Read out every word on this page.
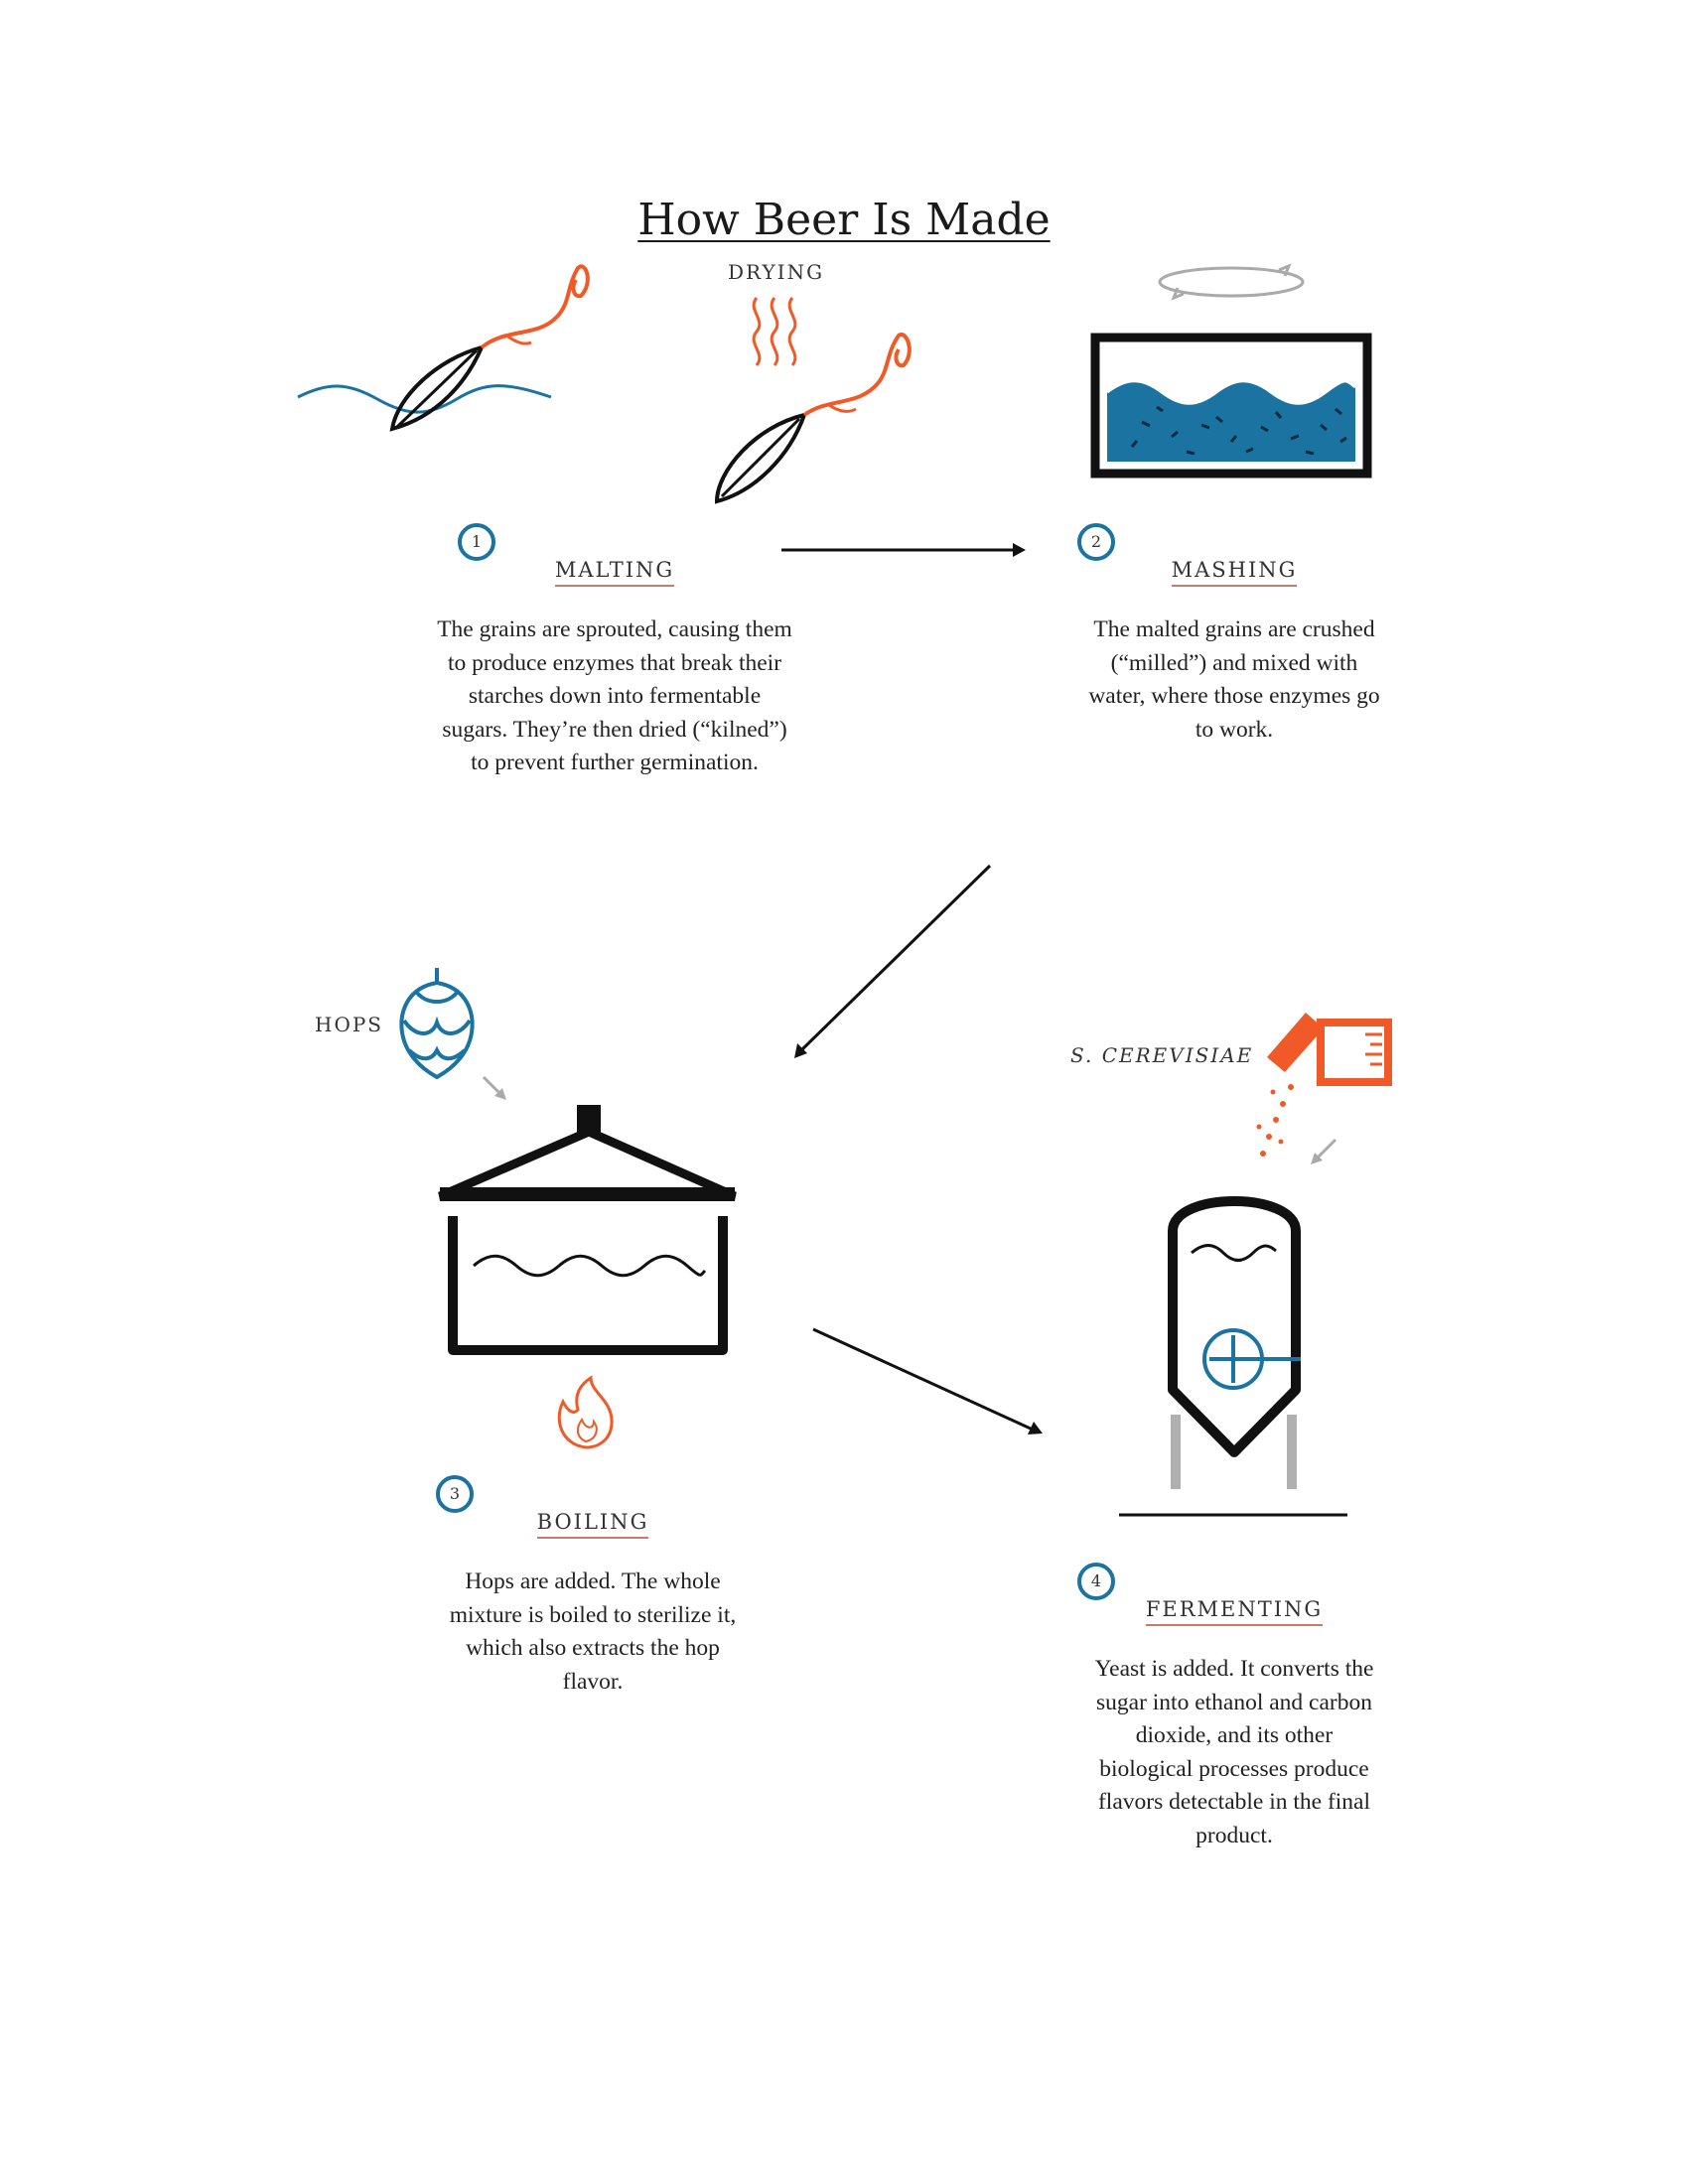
How Beer Is Made
DRYING
HOPS
S. CEREVISIAE
1
MALTING
The grains are sprouted, causing them to produce enzymes that break their starches down into fermentable sugars. They’re then dried (“kilned”) to prevent further germination.
2
MASHING
The malted grains are crushed (“milled”) and mixed with water, where those enzymes go to work.
3
BOILING
Hops are added. The whole mixture is boiled to sterilize it, which also extracts the hop flavor.
4
FERMENTING
Yeast is added. It converts the sugar into ethanol and carbon dioxide, and its other biological processes produce flavors detectable in the final product.
